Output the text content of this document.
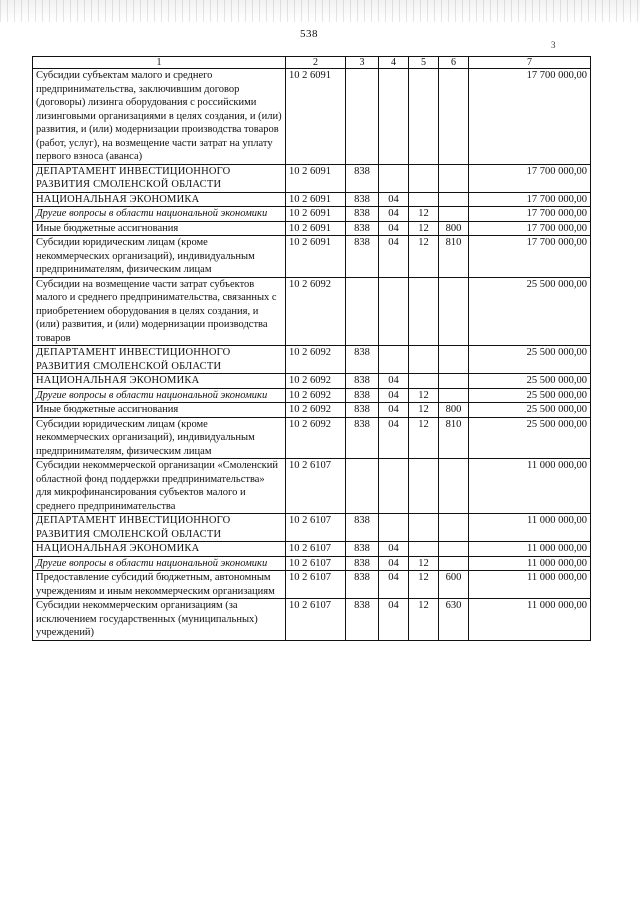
538
3
1	2	3	4	5	6	7
Субсидии субъектам малого и среднего предпринимательства, заключившим договор (договоры) лизинга оборудования с российскими лизинговыми организациями в целях создания, и (или) развития, и (или) модернизации производства товаров (работ, услуг), на возмещение части затрат на уплату первого взноса (аванса)	10 2 6091					17 700 000,00
ДЕПАРТАМЕНТ ИНВЕСТИЦИОННОГО РАЗВИТИЯ СМОЛЕНСКОЙ ОБЛАСТИ	10 2 6091	838				17 700 000,00
НАЦИОНАЛЬНАЯ ЭКОНОМИКА	10 2 6091	838	04			17 700 000,00
Другие вопросы в области национальной экономики	10 2 6091	838	04	12		17 700 000,00
Иные бюджетные ассигнования	10 2 6091	838	04	12	800	17 700 000,00
Субсидии юридическим лицам (кроме некоммерческих организаций), индивидуальным предпринимателям, физическим лицам	10 2 6091	838	04	12	810	17 700 000,00
Субсидии на возмещение части затрат субъектов малого и среднего предпринимательства, связанных с приобретением оборудования в целях создания, и (или) развития, и (или) модернизации производства товаров	10 2 6092					25 500 000,00
ДЕПАРТАМЕНТ ИНВЕСТИЦИОННОГО РАЗВИТИЯ СМОЛЕНСКОЙ ОБЛАСТИ	10 2 6092	838				25 500 000,00
НАЦИОНАЛЬНАЯ ЭКОНОМИКА	10 2 6092	838	04			25 500 000,00
Другие вопросы в области национальной экономики	10 2 6092	838	04	12		25 500 000,00
Иные бюджетные ассигнования	10 2 6092	838	04	12	800	25 500 000,00
Субсидии юридическим лицам (кроме некоммерческих организаций), индивидуальным предпринимателям, физическим лицам	10 2 6092	838	04	12	810	25 500 000,00
Субсидии некоммерческой организации «Смоленский областной фонд поддержки предпринимательства» для микрофинансирования субъектов малого и среднего предпринимательства	10 2 6107					11 000 000,00
ДЕПАРТАМЕНТ ИНВЕСТИЦИОННОГО РАЗВИТИЯ СМОЛЕНСКОЙ ОБЛАСТИ	10 2 6107	838				11 000 000,00
НАЦИОНАЛЬНАЯ ЭКОНОМИКА	10 2 6107	838	04			11 000 000,00
Другие вопросы в области национальной экономики	10 2 6107	838	04	12		11 000 000,00
Предоставление субсидий бюджетным, автономным учреждениям и иным некоммерческим организациям	10 2 6107	838	04	12	600	11 000 000,00
Субсидии некоммерческим организациям (за исключением государственных (муниципальных) учреждений)	10 2 6107	838	04	12	630	11 000 000,00
